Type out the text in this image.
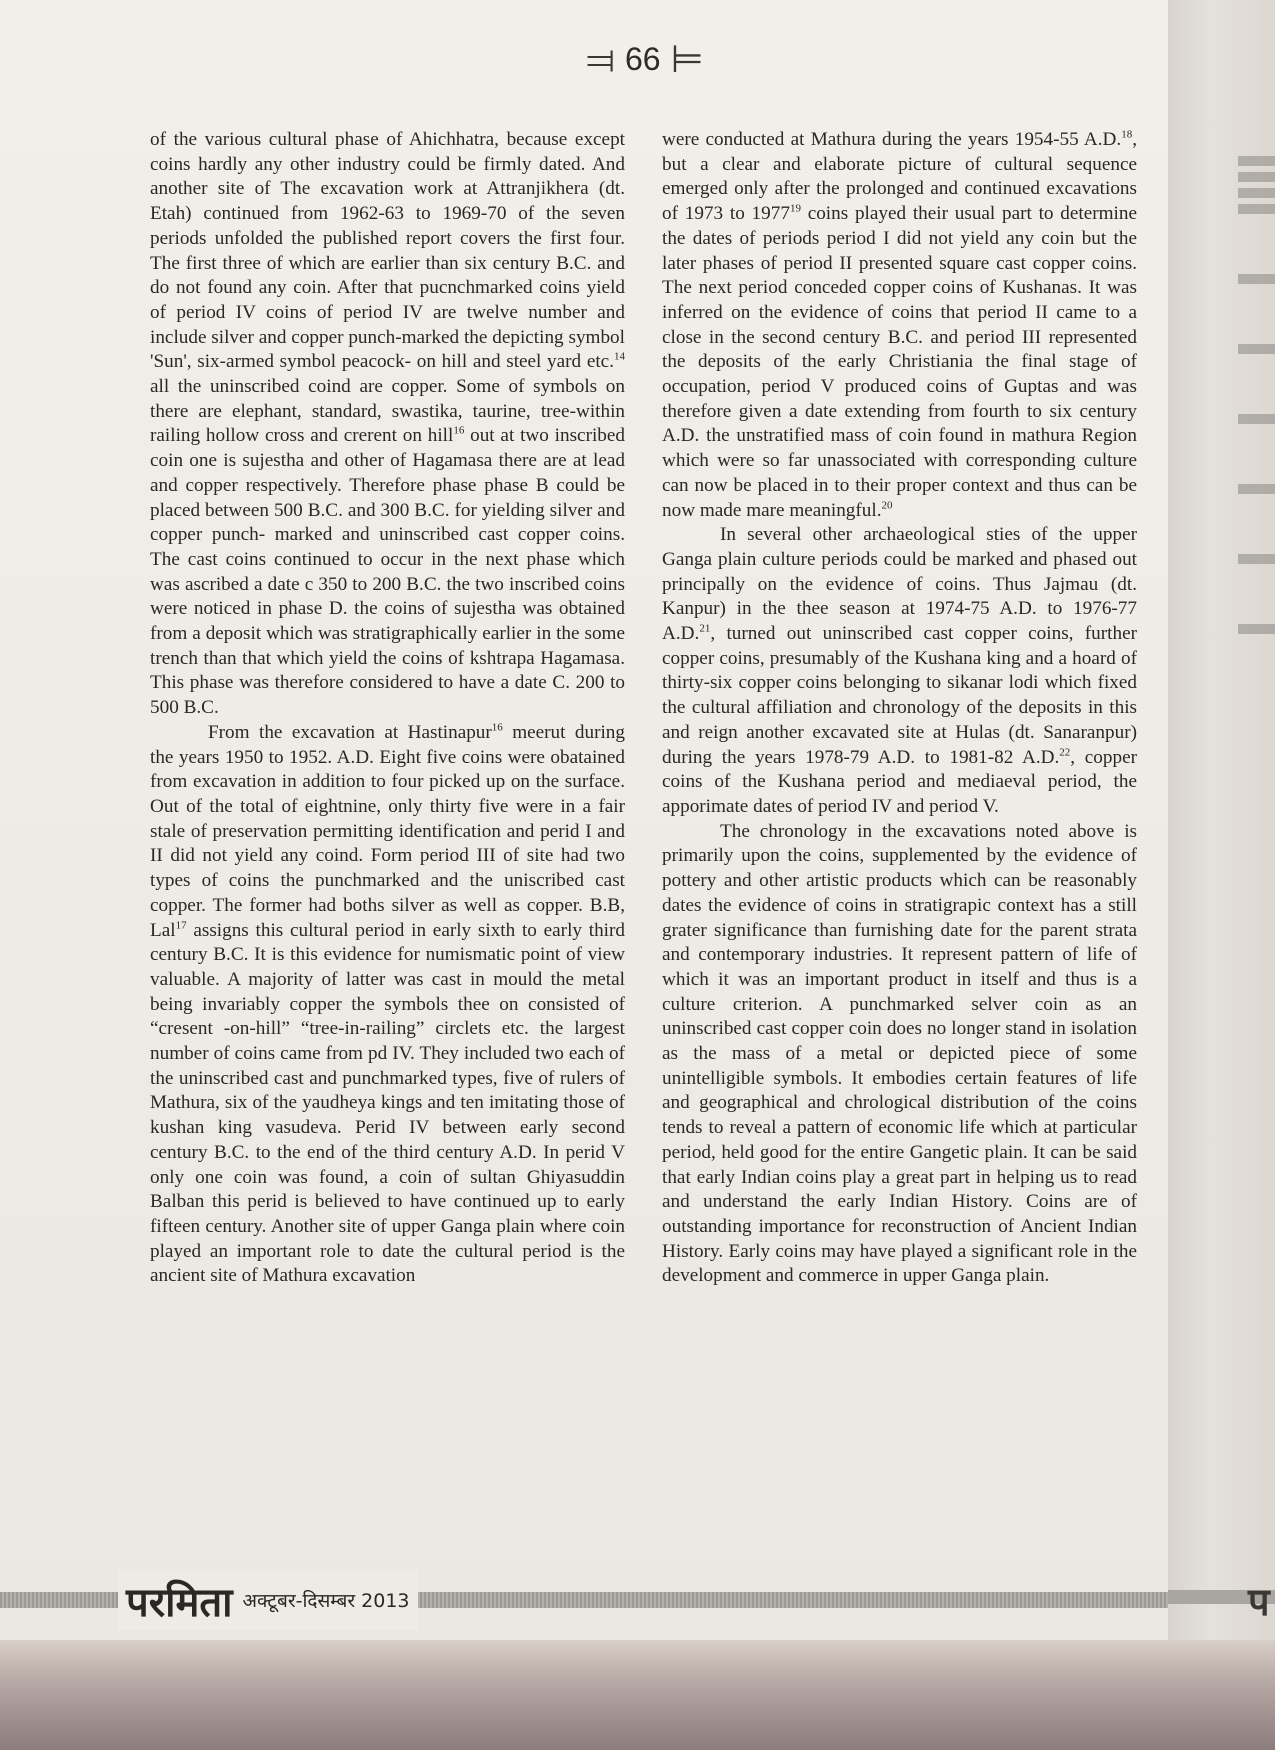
⫤ 66 ⊨

of the various cultural phase of Ahichhatra, because except coins hardly any other industry could be firmly dated. And another site of The excavation work at Attranjikhera (dt. Etah) continued from 1962-63 to 1969-70 of the seven periods unfolded the published report covers the first four. The first three of which are earlier than six century B.C. and do not found any coin. After that pucnchmarked coins yield of period IV coins of period IV are twelve number and include silver and copper punch-marked the depicting symbol 'Sun', six-armed symbol peacock- on hill and steel yard etc.$^{14}$ all the uninscribed coind are copper. Some of symbols on there are elephant, standard, swastika, taurine, tree-within railing hollow cross and crerent on hill$^{16}$ out at two inscribed coin one is sujestha and other of Hagamasa there are at lead and copper respectively. Therefore phase phase B could be placed between 500 B.C. and 300 B.C. for yielding silver and copper punch- marked and uninscribed cast copper coins. The cast coins continued to occur in the next phase which was ascribed a date c 350 to 200 B.C. the two inscribed coins were noticed in phase D. the coins of sujestha was obtained from a deposit which was stratigraphically earlier in the some trench than that which yield the coins of kshtrapa Hagamasa. This phase was therefore considered to have a date C. 200 to 500 B.C.

From the excavation at Hastinapur$^{16}$ meerut during the years 1950 to 1952. A.D. Eight five coins were obatained from excavation in addition to four picked up on the surface. Out of the total of eightnine, only thirty five were in a fair stale of preservation permitting identification and perid I and II did not yield any coind. Form period III of site had two types of coins the punchmarked and the uniscribed cast copper. The former had boths silver as well as copper. B.B, Lal$^{17}$ assigns this cultural period in early sixth to early third century B.C. It is this evidence for numismatic point of view valuable. A majority of latter was cast in mould the metal being invariably copper the symbols thee on consisted of “cresent -on-hill” “tree-in-railing” circlets etc. the largest number of coins came from pd IV. They included two each of the uninscribed cast and punchmarked types, five of rulers of Mathura, six of the yaudheya kings and ten imitating those of kushan king vasudeva. Perid IV between early second century B.C. to the end of the third century A.D. In perid V only one coin was found, a coin of sultan Ghiyasuddin Balban this perid is believed to have continued up to early fifteen century. Another site of upper Ganga plain where coin played an important role to date the cultural period is the ancient site of Mathura excavation

were conducted at Mathura during the years 1954-55 A.D.$^{18}$, but a clear and elaborate picture of cultural sequence emerged only after the prolonged and continued excavations of 1973 to 1977$^{19}$ coins played their usual part to determine the dates of periods period I did not yield any coin but the later phases of period II presented square cast copper coins. The next period conceded copper coins of Kushanas. It was inferred on the evidence of coins that period II came to a close in the second century B.C. and period III represented the deposits of the early Christiania the final stage of occupation, period V produced coins of Guptas and was therefore given a date extending from fourth to six century A.D. the unstratified mass of coin found in mathura Region which were so far unassociated with corresponding culture can now be placed in to their proper context and thus can be now made mare meaningful.$^{20}$

In several other archaeological sties of the upper Ganga plain culture periods could be marked and phased out principally on the evidence of coins. Thus Jajmau (dt. Kanpur) in the thee season at 1974-75 A.D. to 1976-77 A.D.$^{21}$, turned out uninscribed cast copper coins, further copper coins, presumably of the Kushana king and a hoard of thirty-six copper coins belonging to sikanar lodi which fixed the cultural affiliation and chronology of the deposits in this and reign another excavated site at Hulas (dt. Sanaranpur) during the years 1978-79 A.D. to 1981-82 A.D.$^{22}$, copper coins of the Kushana period and mediaeval period, the apporimate dates of period IV and period V.

The chronology in the excavations noted above is primarily upon the coins, supplemented by the evidence of pottery and other artistic products which can be reasonably dates the evidence of coins in stratigrapic context has a still grater significance than furnishing date for the parent strata and contemporary industries. It represent pattern of life of which it was an important product in itself and thus is a culture criterion. A punchmarked selver coin as an uninscribed cast copper coin does no longer stand in isolation as the mass of a metal or depicted piece of some unintelligible symbols. It embodies certain features of life and geographical and chrological distribution of the coins tends to reveal a pattern of economic life which at particular period, held good for the entire Gangetic plain. It can be said that early Indian coins play a great part in helping us to read and understand the early Indian History. Coins are of outstanding importance for reconstruction of Ancient Indian History. Early coins may have played a significant role in the development and commerce in upper Ganga plain.

परमिता अक्टूबर-दिसम्बर 2013	प
